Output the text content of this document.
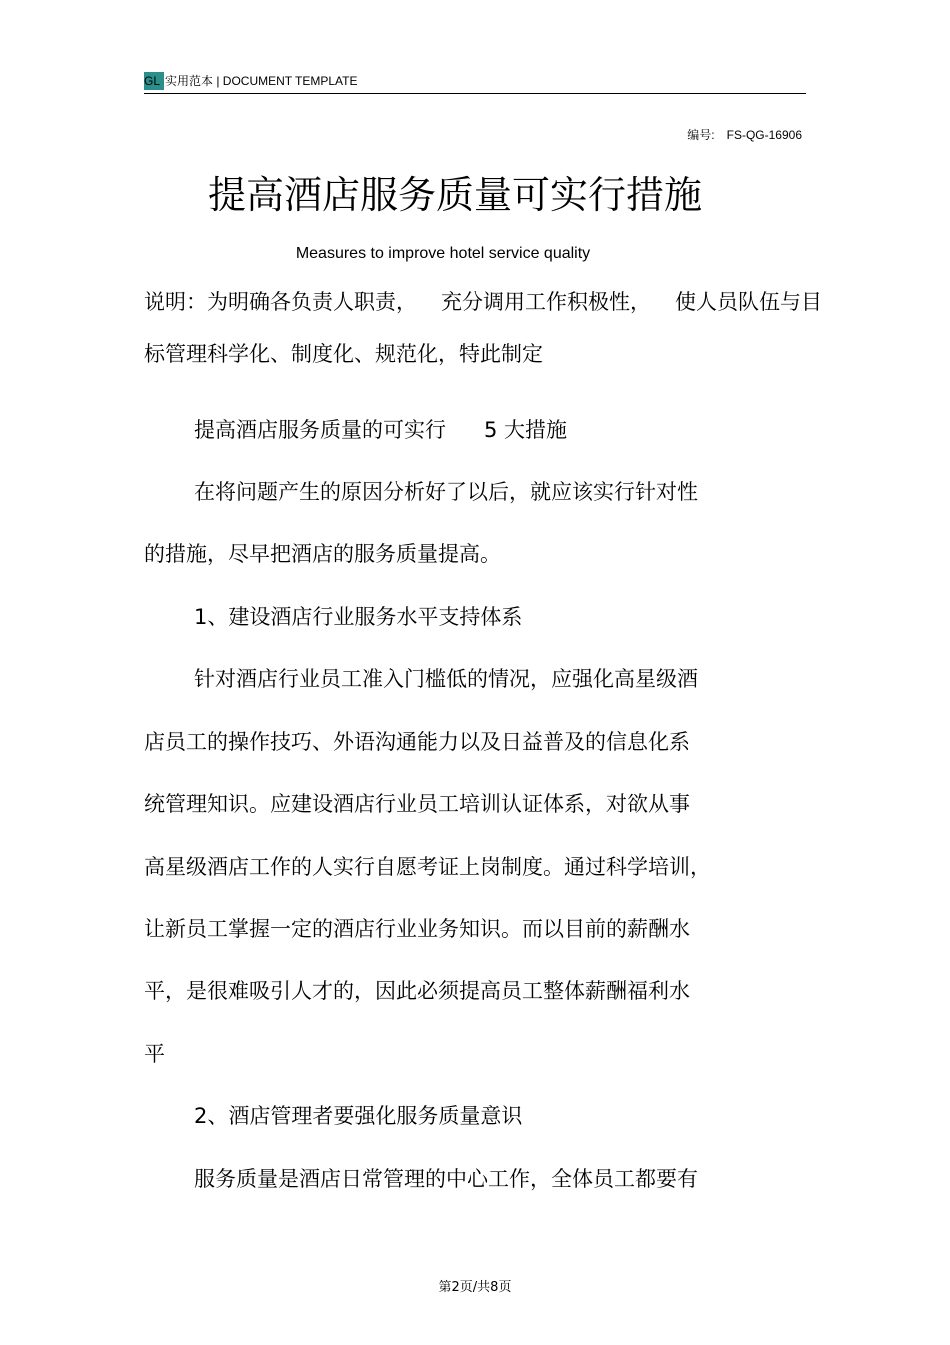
GL 实用范本 | DOCUMENT TEMPLATE
编号: FS-QG-16906
提高酒店服务质量可实行措施
Measures to improve hotel service quality
说明：为明确各负责人职责， 充分调用工作积极性， 使人员队伍与目
标管理科学化、制度化、规范化，特此制定
提高酒店服务质量的可实行 5 大措施
在将问题产生的原因分析好了以后，就应该实行针对性
的措施，尽早把酒店的服务质量提高。
1、建设酒店行业服务水平支持体系
针对酒店行业员工准入门槛低的情况，应强化高星级酒
店员工的操作技巧、外语沟通能力以及日益普及的信息化系
统管理知识。应建设酒店行业员工培训认证体系，对欲从事
高星级酒店工作的人实行自愿考证上岗制度。通过科学培训，
让新员工掌握一定的酒店行业业务知识。而以目前的薪酬水
平，是很难吸引人才的，因此必须提高员工整体薪酬福利水
平
2、酒店管理者要强化服务质量意识
服务质量是酒店日常管理的中心工作，全体员工都要有
第2页/共8页
